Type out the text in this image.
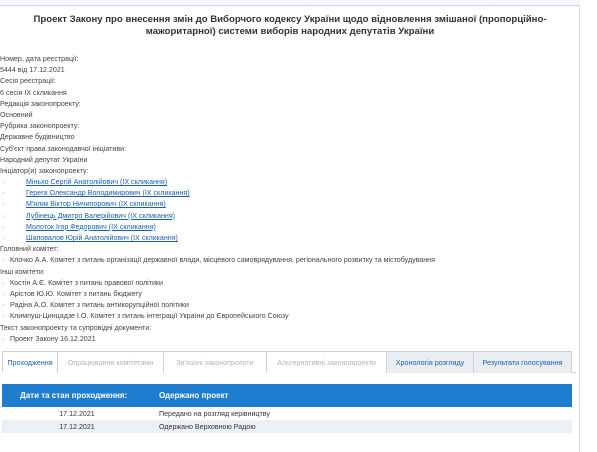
Проект Закону про внесення змін до Виборчого кодексу України щодо відновлення змішаної (пропорційно-мажоритарної) системи виборів народних депутатів України
Номер, дата реєстрації:
5444 від 17.12.2021
Сесія реєстрації:
6 сесія IX скликання
Редакція законопроекту:
Основний
Рубрика законопроекту:
Державне будівництво
Суб'єкт права законодавчої ініціативи:
Народний депутат України
Ініціатор(и) законопроекту:
· Міньхо Сергій Анатолійович (IX скликання)
· Герега Олександр Володимирович (IX скликання)
· М'ялик Віктор Ничипорович (IX скликання)
· Лубінець Дмитро Валерійович (IX скликання)
· Молоток Ігор Федорович (IX скликання)
· Шаповалов Юрій Анатолійович (IX скликання)
Головний комітет:
· Клочко А.А. Комітет з питань організації державної влади, місцевого самоврядування, регіонального розвитку та містобудування
Інші комітети:
· Костін А.Є. Комітет з питань правової політики
· Арістов Ю.Ю. Комітет з питань бюджету
· Радіна А.О. Комітет з питань антикорупційної політики
· Климпуш-Цинцадзе І.О. Комітет з питань інтеграції України до Європейського Союзу
Текст законопроекту та супровідні документи:
· Проект Закону 16.12.2021
Проходження	Опрацювання комітетами	Зв'язані законопроекти	Альтернативні законопроекти	Хронологія розгляду	Результати голосування
Дати та стан проходження:	Одержано проект
17.12.2021	Передано на розгляд керівництву
17.12.2021	Одержано Верховною Радою
